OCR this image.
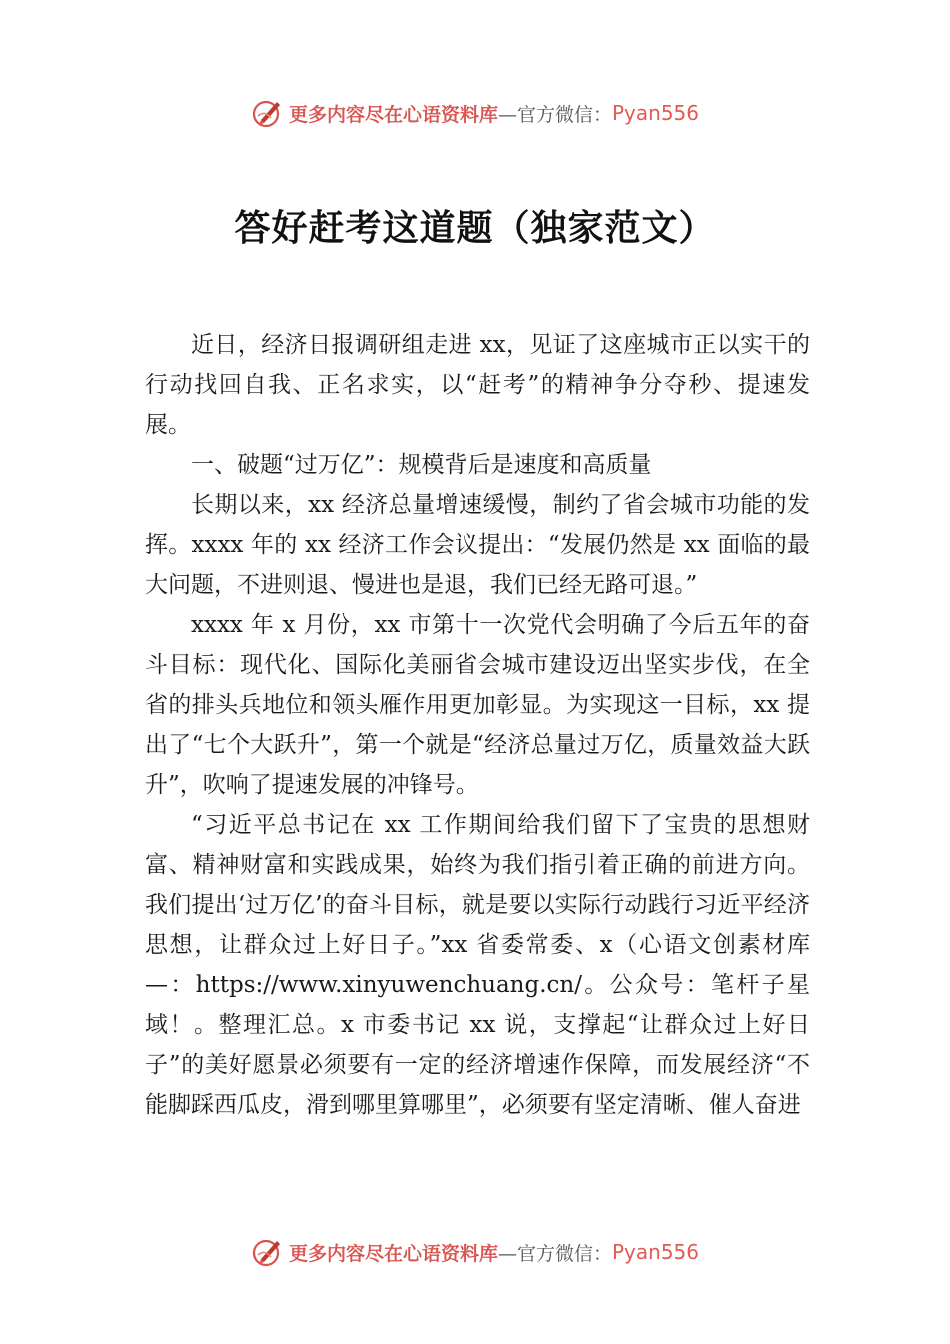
更多内容尽在心语资料库 —官方微信： Pyan556
答好赶考这道题（独家范文）

近日，经济日报调研组走进 xx，见证了这座城市正以实干的行动找回自我、正名求实，以“赶考”的精神争分夺秒、提速发展。

一、破题“过万亿”：规模背后是速度和高质量

长期以来，xx 经济总量增速缓慢，制约了省会城市功能的发挥。xxxx 年的 xx 经济工作会议提出：“发展仍然是 xx 面临的最大问题，不进则退、慢进也是退，我们已经无路可退。”

xxxx 年 x 月份，xx 市第十一次党代会明确了今后五年的奋斗目标：现代化、国际化美丽省会城市建设迈出坚实步伐，在全省的排头兵地位和领头雁作用更加彰显。为实现这一目标，xx 提出了“七个大跃升”，第一个就是“经济总量过万亿，质量效益大跃升”，吹响了提速发展的冲锋号。

“习近平总书记在 xx 工作期间给我们留下了宝贵的思想财富、精神财富和实践成果，始终为我们指引着正确的前进方向。我们提出‘过万亿’的奋斗目标，就是要以实际行动践行习近平经济思想，让群众过上好日子。”xx 省委常委、x（心语文创素材库—：https://www.xinyuwenchuang.cn/。公众号：笔杆子星域！。整理汇总。x 市委书记 xx 说，支撑起“让群众过上好日子”的美好愿景必须要有一定的经济增速作保障，而发展经济“不能脚踩西瓜皮，滑到哪里算哪里”，必须要有坚定清晰、催人奋进

更多内容尽在心语资料库 —官方微信： Pyan556
